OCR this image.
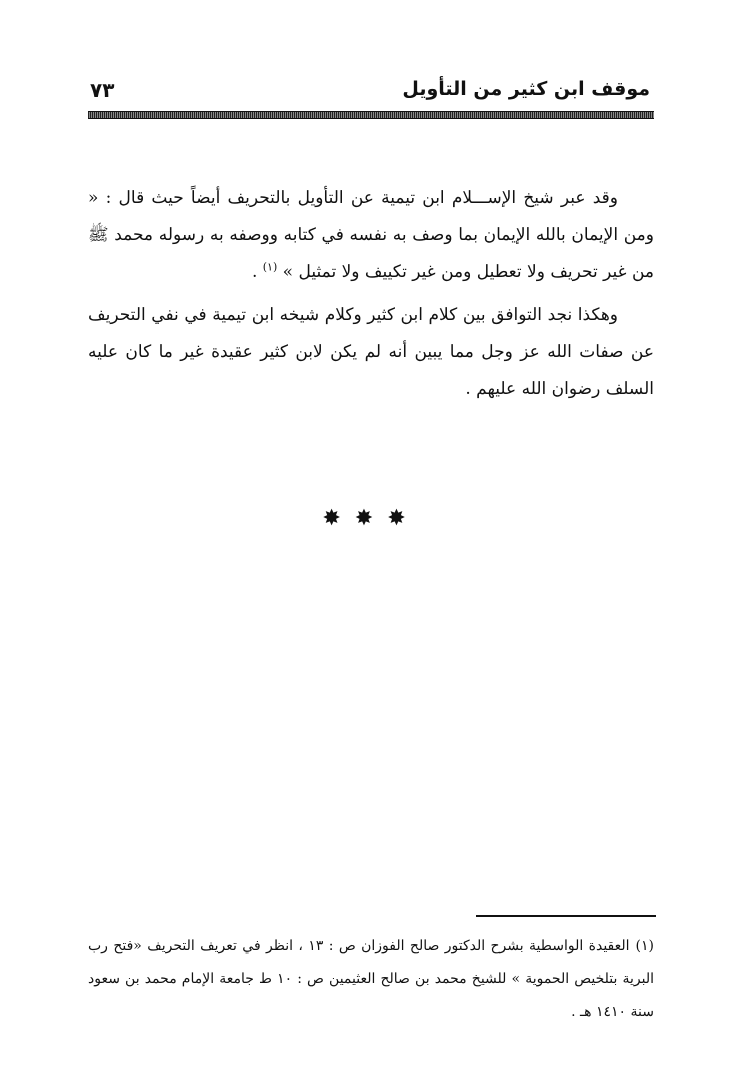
موقف ابن كثير من التأويل
٧٣

وقد عبر شيخ الإســـلام ابن تيمية عن التأويل بالتحريف أيضاً حيث قال : « ومن الإيمان بالله الإيمان بما وصف به نفسه في كتابه ووصفه به رسوله محمد ﷺ من غير تحريف ولا تعطيل ومن غير تكييف ولا تمثيل » $^{(١)}$ .

وهكذا نجد التوافق بين كلام ابن كثير وكلام شيخه ابن تيمية في نفي التحريف عن صفات الله عز وجل مما يبين أنه لم يكن لابن كثير عقيدة غير ما كان عليه السلف رضوان الله عليهم .

✸✸✸
(١)العقيدة الواسطية بشرح الدكتور صالح الفوزان ص : ١٣ ، انظر في تعريف التحريف «فتح رب البرية بتلخيص الحموية » للشيخ محمد بن صالح العثيمين ص : ١٠ ط جامعة الإمام محمد بن سعود سنة ١٤١٠ هـ .
